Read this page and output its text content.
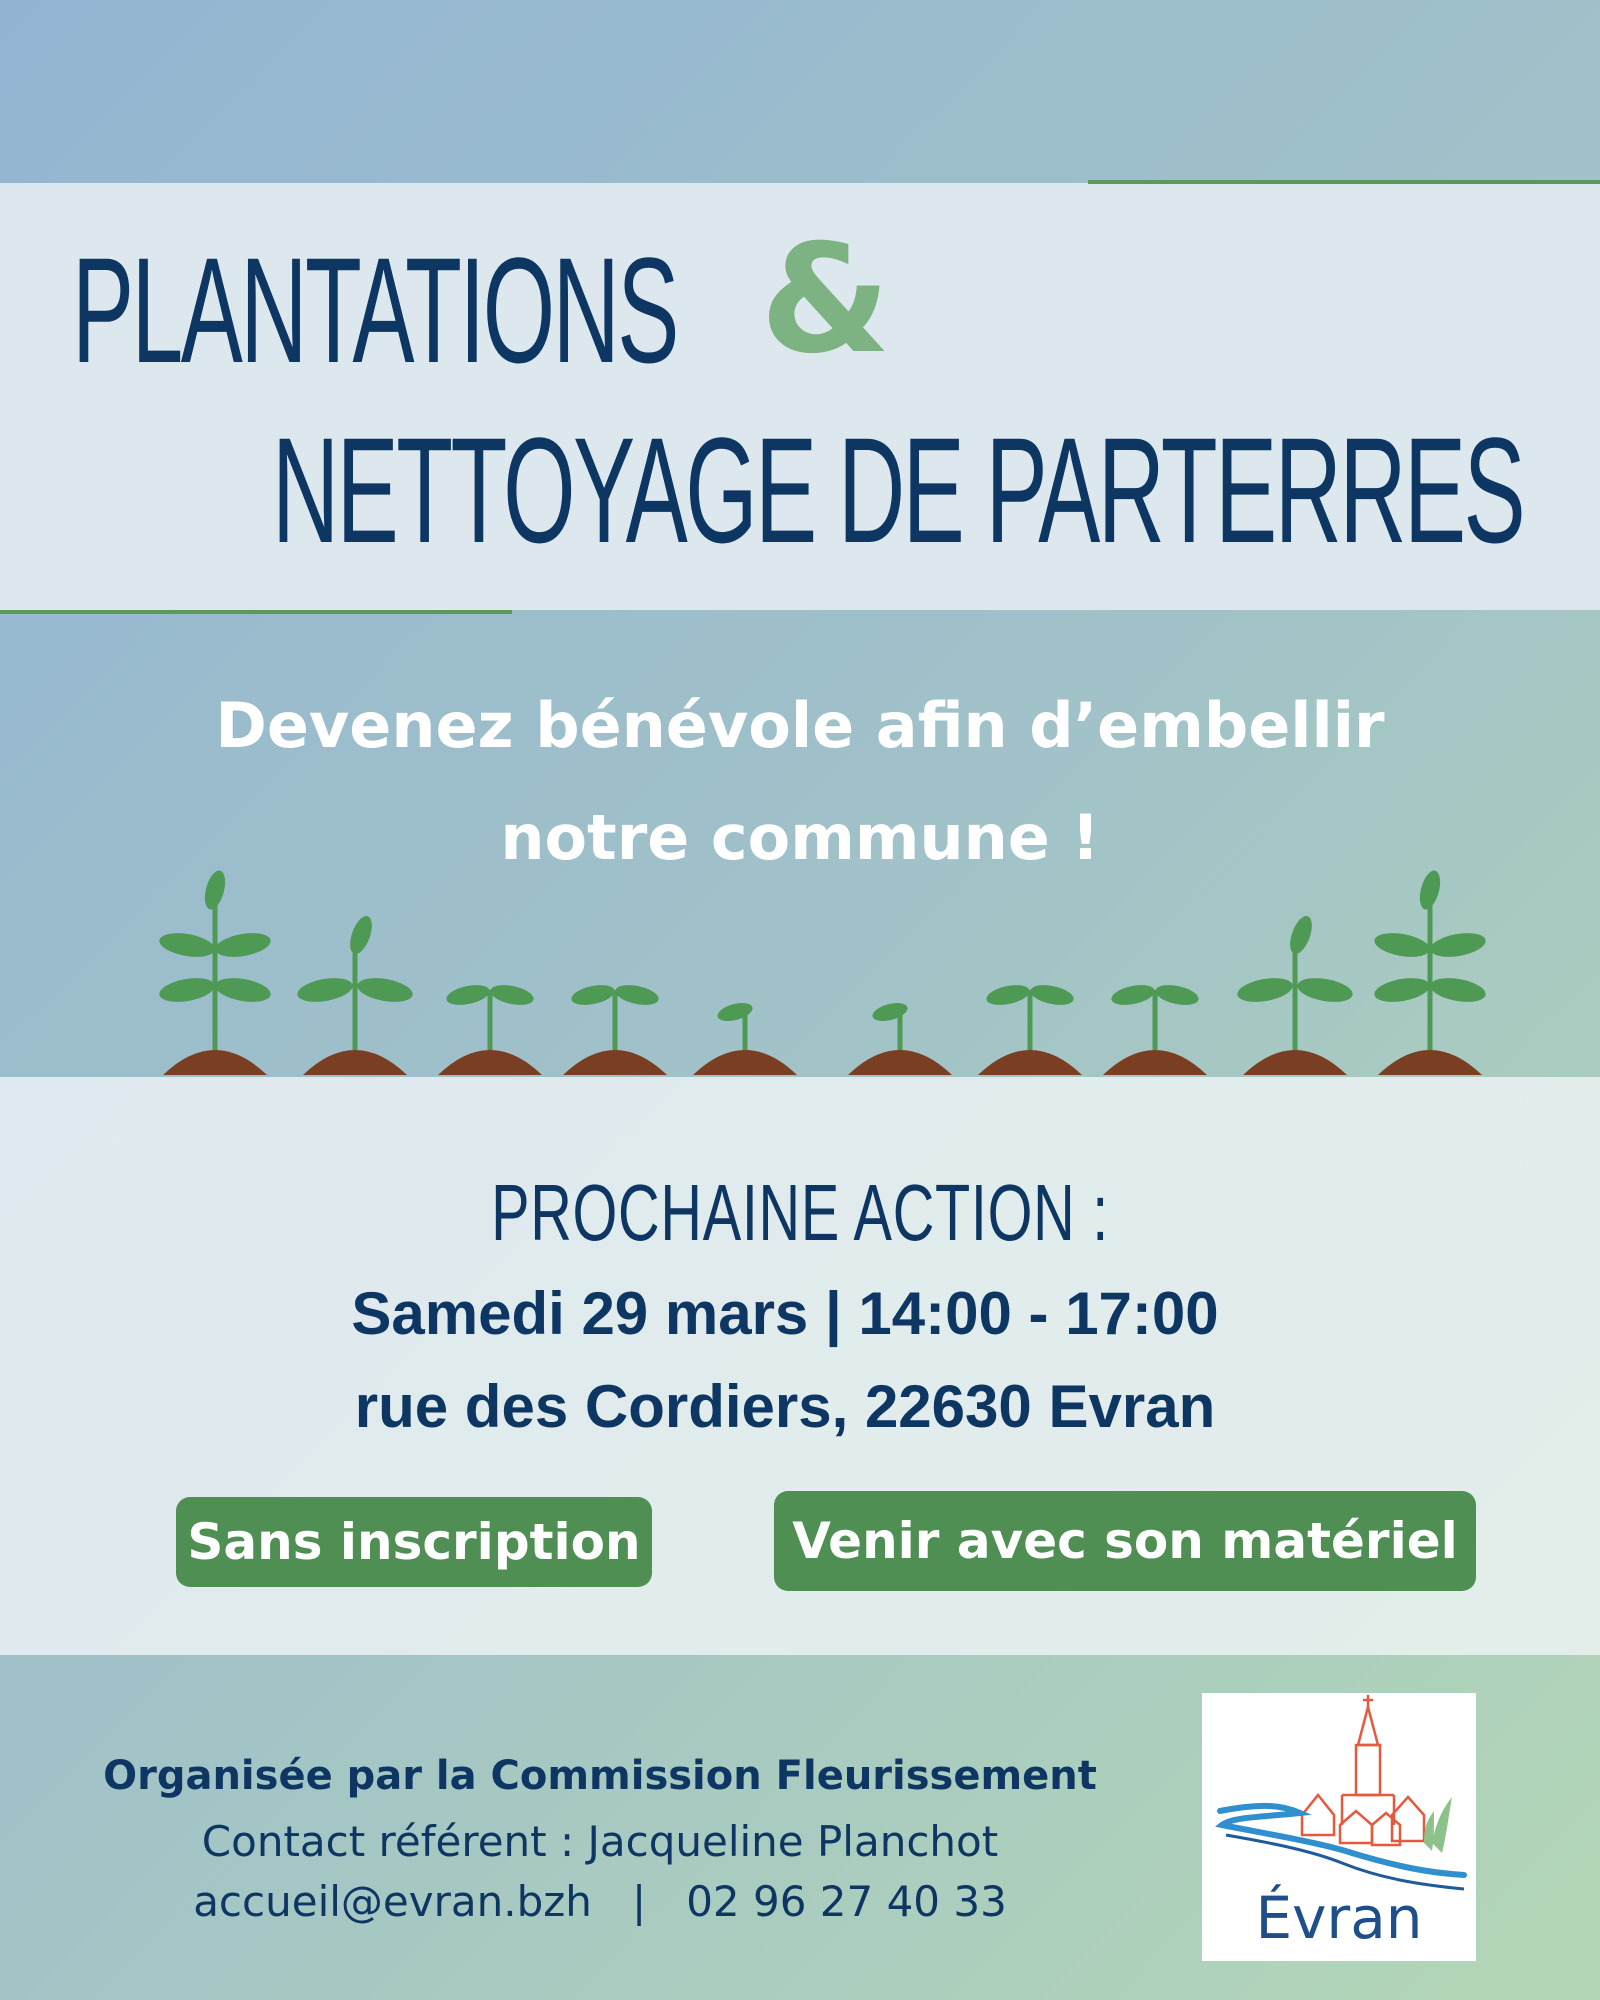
PLANTATIONS &
NETTOYAGE DE PARTERRES
Devenez bénévole afin d’embellir
notre commune !
PROCHAINE ACTION :
Samedi 29 mars | 14:00 - 17:00
rue des Cordiers, 22630 Evran
Sans inscription	Venir avec son matériel
Organisée par la Commission Fleurissement
Contact référent : Jacqueline Planchot
accueil@evran.bzh | 02 96 27 40 33	Évran
